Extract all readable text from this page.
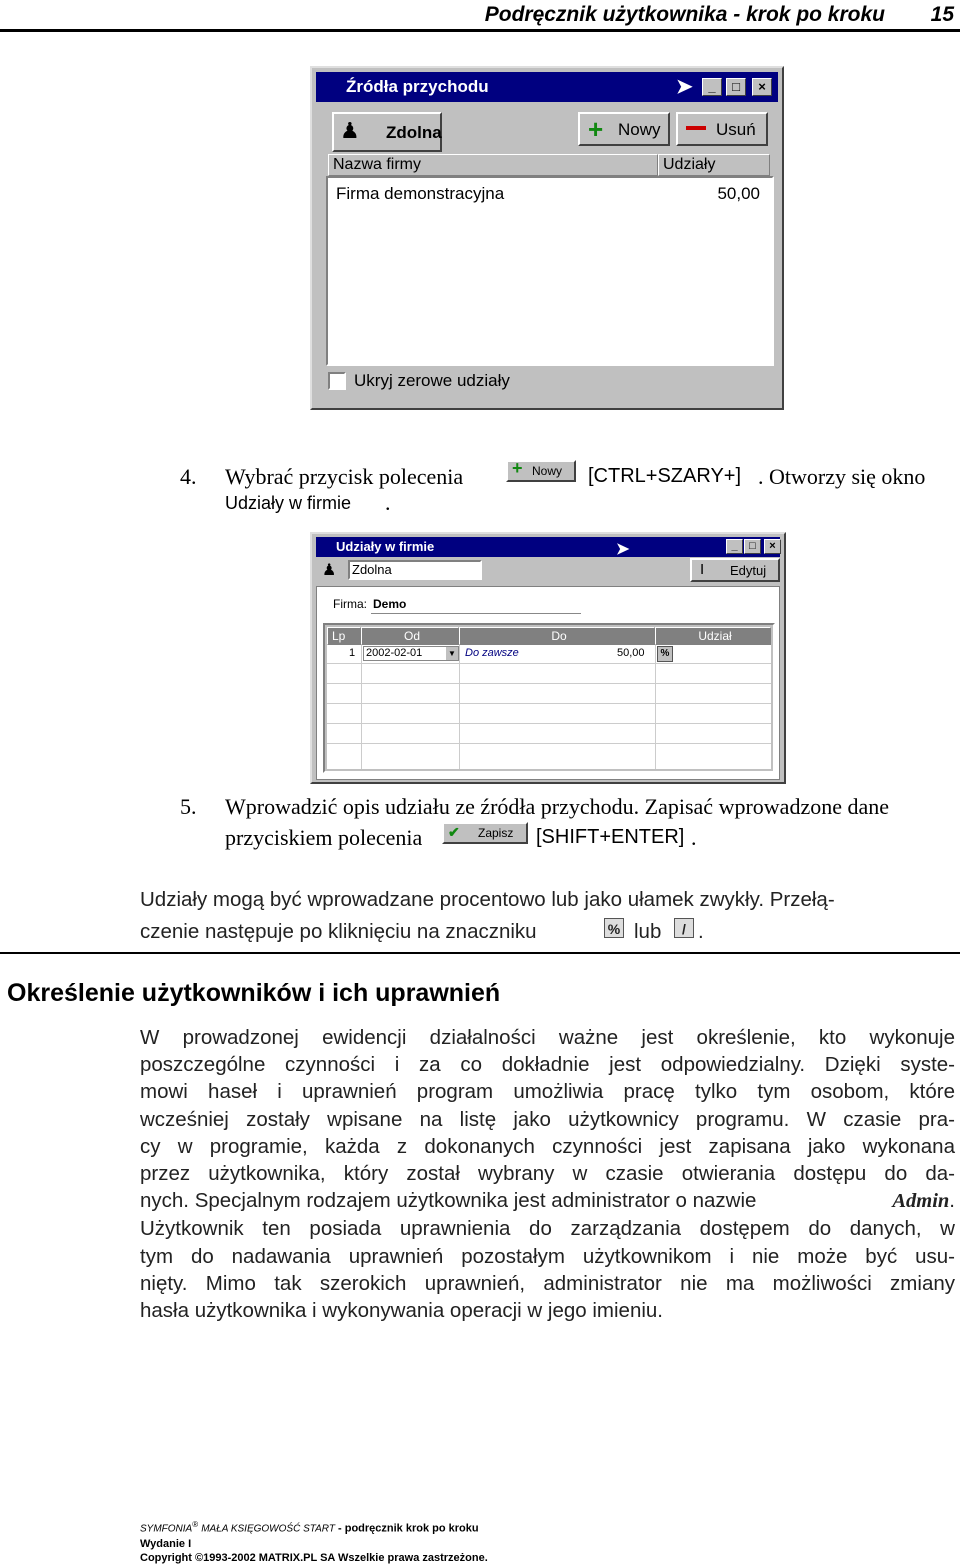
Podręcznik użytkownika - krok po kroku 15
Źródła przychodu	➤	_	□	×
♟ Zdolna	+ Nowy	Usuń
Nazwa firmy	Udziały
Firma demonstracyjna	50,00
Ukryj zerowe udziały
4. Wybrać przycisk polecenia	+ Nowy [CTRL+SZARY+] . Otworzy się okno
Udziały w firmie .
Udziały w firmie	➤	_	□	×
♟ Zdolna	I Edytuj
Firma: Demo
Lp	Od	Do	Udział
1 2002-02-01	▼ Do zawsze	50,00	%
5. Wprowadzić opis udziału ze źródła przychodu. Zapisać wprowadzone dane
przyciskiem polecenia ✔ Zapisz [SHIFT+ENTER] .
Udziały mogą być wprowadzane procentowo lub jako ułamek zwykły. Przełą-
czenie następuje po kliknięciu na znaczniku	% lub	/ .
Określenie użytkowników i ich uprawnień
W prowadzonej ewidencji działalności ważne jest określenie, kto wykonuje
poszczególne czynności i za co dokładnie jest odpowiedzialny. Dzięki syste-
mowi haseł i uprawnień program umożliwia pracę tylko tym osobom, które
wcześniej zostały wpisane na listę jako użytkownicy programu. W czasie pra-
cy w programie, każda z dokonanych czynności jest zapisana jako wykonana
przez użytkownika, który został wybrany w czasie otwierania dostępu do da-
nych. Specjalnym rodzajem użytkownika jest administrator o nazwie	Admin.
Użytkownik ten posiada uprawnienia do zarządzania dostępem do danych, w
tym do nadawania uprawnień pozostałym użytkownikom i nie może być usu-
nięty. Mimo tak szerokich uprawnień, administrator nie ma możliwości zmiany
hasła użytkownika i wykonywania operacji w jego imieniu.
SYMFONIA® MAŁA KSIĘGOWOŚĆ START - podręcznik krok po kroku
Wydanie I
Copyright ©1993-2002 MATRIX.PL SA Wszelkie prawa zastrzeżone.
